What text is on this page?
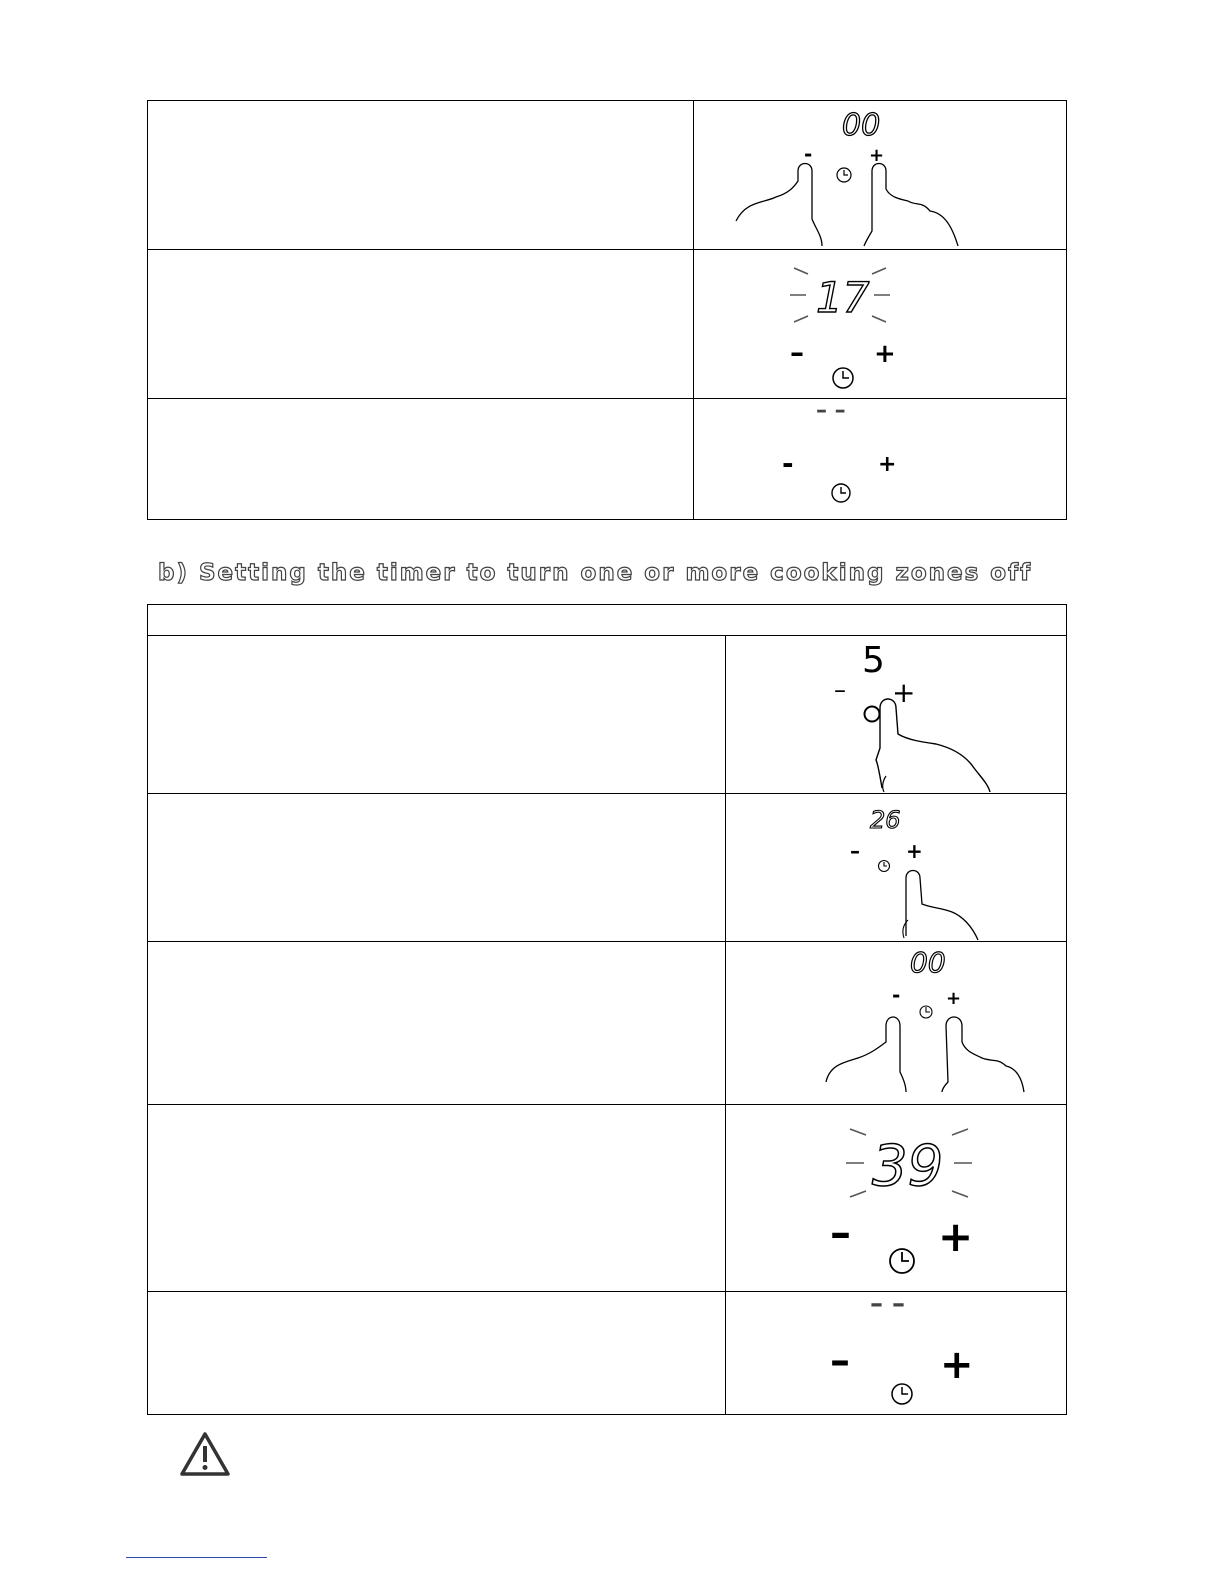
00
-	+
17
–	+
– –
-	+
b) Setting the timer to turn one or more cooking zones off
5
– +
26
– +
00
-	+
39
– +
– –
– +
